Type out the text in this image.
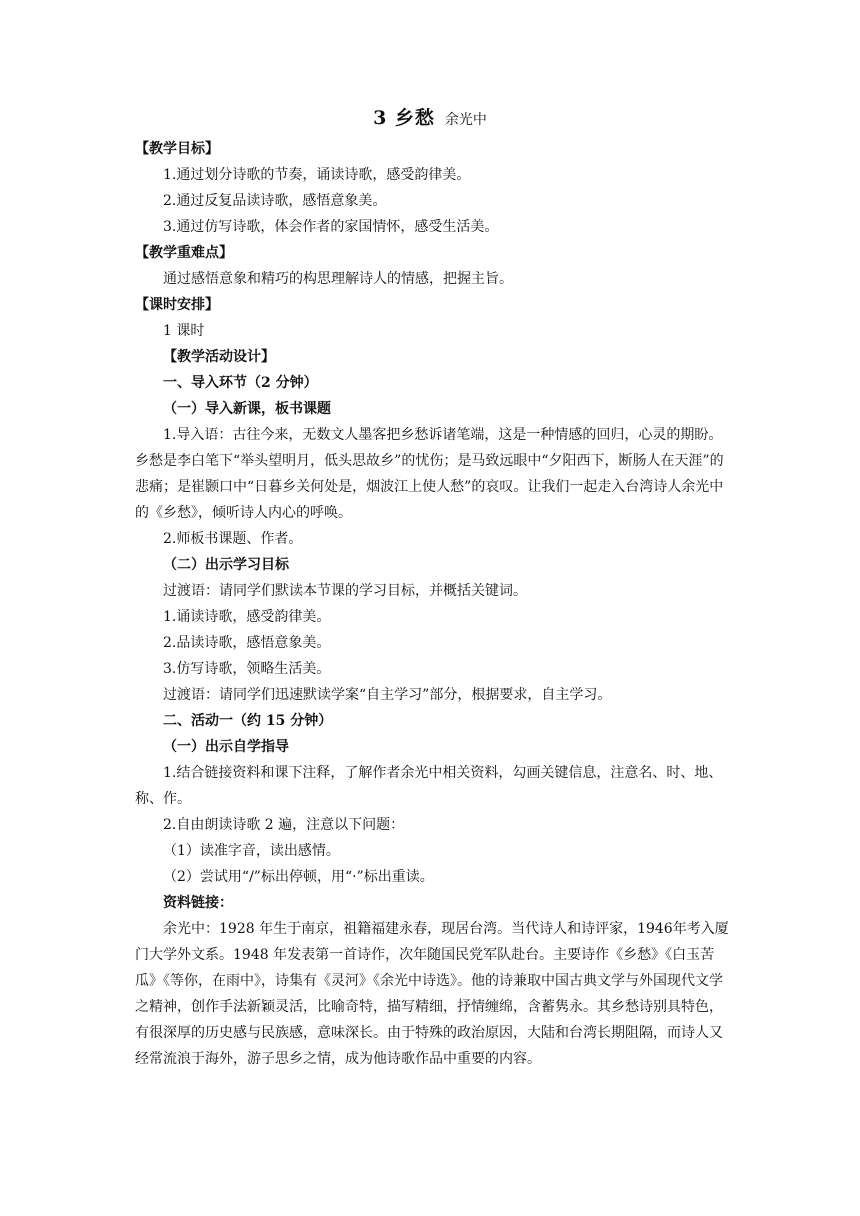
3 乡愁 余光中

【教学目标】

1.通过划分诗歌的节奏，诵读诗歌，感受韵律美。

2.通过反复品读诗歌，感悟意象美。

3.通过仿写诗歌，体会作者的家国情怀，感受生活美。

【教学重难点】

通过感悟意象和精巧的构思理解诗人的情感，把握主旨。

【课时安排】

1 课时

【教学活动设计】

一、导入环节（2 分钟）

（一）导入新课，板书课题

1.导入语：古往今来，无数文人墨客把乡愁诉诸笔端，这是一种情感的回归，心灵的期盼。乡愁是李白笔下“举头望明月，低头思故乡”的忧伤；是马致远眼中“夕阳西下，断肠人在天涯”的悲痛；是崔颢口中“日暮乡关何处是，烟波江上使人愁”的哀叹。让我们一起走入台湾诗人余光中的《乡愁》，倾听诗人内心的呼唤。

2.师板书课题、作者。

（二）出示学习目标

过渡语：请同学们默读本节课的学习目标，并概括关键词。

1.诵读诗歌，感受韵律美。

2.品读诗歌，感悟意象美。

3.仿写诗歌，领略生活美。

过渡语：请同学们迅速默读学案“自主学习”部分，根据要求，自主学习。

二、活动一（约 15 分钟）

（一）出示自学指导

1.结合链接资料和课下注释，了解作者余光中相关资料，勾画关键信息，注意名、时、地、称、作。

2.自由朗读诗歌 2 遍，注意以下问题：

（1）读准字音，读出感情。

（2）尝试用“/”标出停顿，用“·”标出重读。

资料链接：

余光中：1928 年生于南京，祖籍福建永春，现居台湾。当代诗人和诗评家，1946年考入厦门大学外文系。1948 年发表第一首诗作，次年随国民党军队赴台。主要诗作《乡愁》《白玉苦瓜》《等你，在雨中》，诗集有《灵河》《余光中诗选》。他的诗兼取中国古典文学与外国现代文学之精神，创作手法新颖灵活，比喻奇特，描写精细，抒情缠绵，含蓄隽永。其乡愁诗别具特色，有很深厚的历史感与民族感，意味深长。由于特殊的政治原因，大陆和台湾长期阻隔，而诗人又经常流浪于海外，游子思乡之情，成为他诗歌作品中重要的内容。
